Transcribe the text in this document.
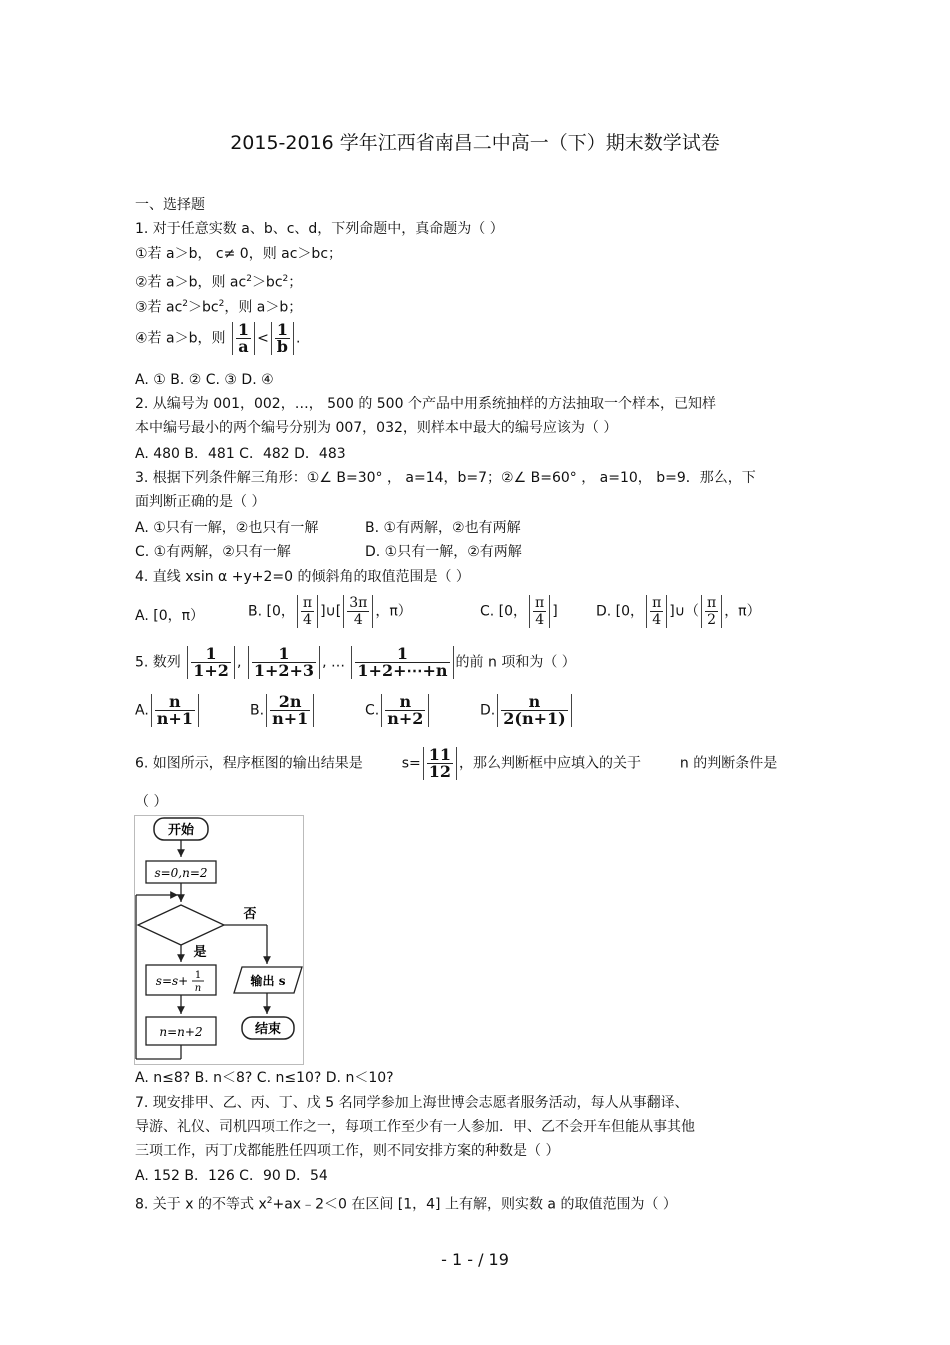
2015-2016 学年江西省南昌二中高一（下）期末数学试卷
一、选择题
1. 对于任意实数 a、b、c、d，下列命题中，真命题为（ ）
①若 a＞b， c≠ 0，则 ac＞bc；
②若 a＞b，则 $ac^2>bc^2$；
③若 $ac^2>bc^2$，则 a＞b；
④若 a＞b，则 $\frac{1}{a} < \frac{1}{b}$ .
A. ① B. ② C. ③ D. ④
2. 从编号为 001，002，…， 500 的 500 个产品中用系统抽样的方法抽取一个样本，已知样
本中编号最小的两个编号分别为 007，032，则样本中最大的编号应该为（ ）
A. 480 B．481 C．482 D．483
3. 根据下列条件解三角形：①∠ B=30° ， a=14，b=7；②∠ B=60° ， a=10， b=9．那么，下
面判断正确的是（ ）
A. ①只有一解，②也只有一解	B. ①有两解，②也有两解
C. ①有两解，②只有一解	D. ①只有一解，②有两解
4. 直线 xsin α +y+2=0 的倾斜角的取值范围是（ ）
A. [0，π）	B. [0， $\frac{\pi}{4}$ ]∪[ $\frac{3\pi}{4}$ ，π）	C. [0， $\frac{\pi}{4}$ ]	D. [0， $\frac{\pi}{4}$ ]∪（ $\frac{\pi}{2}$ ，π）
5. 数列 $\frac{1}{1+2}$ , $\frac{1}{1+2+3}$ , … $\frac{1}{1+2+\cdots+n}$ 的前 n 项和为（ ）
A. $\frac{n}{n+1}$	B. $\frac{2n}{n+1}$	C. $\frac{n}{n+2}$	D. $\frac{n}{2(n+1)}$
6. 如图所示，程序框图的输出结果是	$s= \frac{11}{12}$ ，那么判断框中应填入的关于	n 的判断条件是
（ ）
开始
s=0,n=2
否
是
s=s+ 1
n
n=n+2
输出 s
结束
A. n≤8? B. n＜8? C. n≤10? D. n＜10?
7. 现安排甲、乙、丙、丁、戊 5 名同学参加上海世博会志愿者服务活动，每人从事翻译、
导游、礼仪、司机四项工作之一，每项工作至少有一人参加．甲、乙不会开车但能从事其他
三项工作，丙丁戊都能胜任四项工作，则不同安排方案的种数是（ ）
A. 152 B．126 C．90 D．54
8. 关于 x 的不等式 $x^2+ax﹣2<0$ 在区间 [1，4] 上有解，则实数 a 的取值范围为（ ）
- 1 - / 19
